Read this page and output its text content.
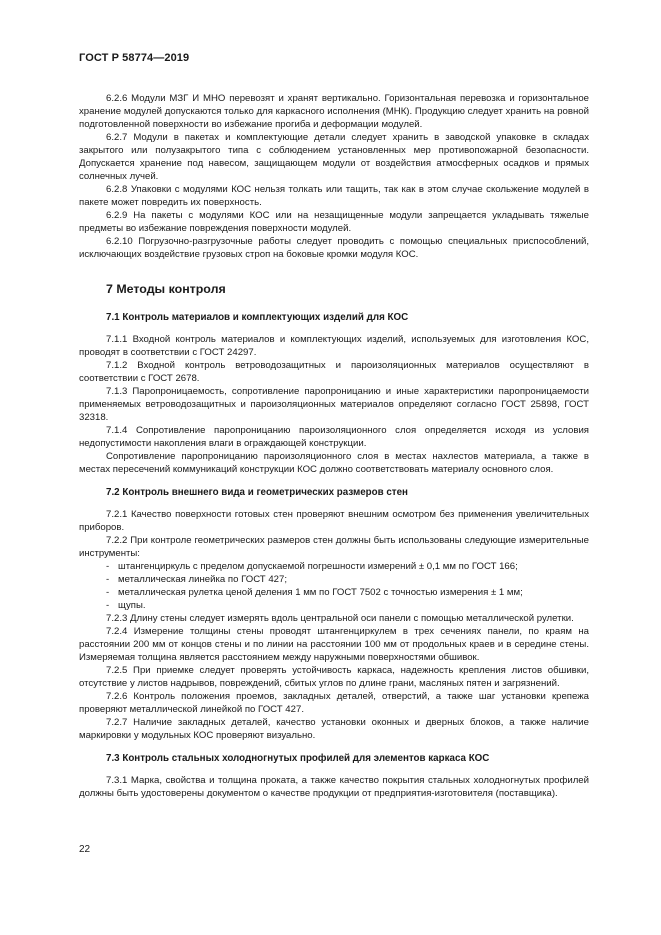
ГОСТ Р 58774—2019

6.2.6 Модули МЗГ И МНО перевозят и хранят вертикально. Горизонтальная перевозка и горизонтальное хранение модулей допускаются только для каркасного исполнения (МНК). Продукцию следует хранить на ровной подготовленной поверхности во избежание прогиба и деформации модулей.

6.2.7 Модули в пакетах и комплектующие детали следует хранить в заводской упаковке в складах закрытого или полузакрытого типа с соблюдением установленных мер противопожарной безопасности. Допускается хранение под навесом, защищающем модули от воздействия атмосферных осадков и прямых солнечных лучей.

6.2.8 Упаковки с модулями КОС нельзя толкать или тащить, так как в этом случае скольжение модулей в пакете может повредить их поверхность.

6.2.9 На пакеты с модулями КОС или на незащищенные модули запрещается укладывать тяжелые предметы во избежание повреждения поверхности модулей.

6.2.10 Погрузочно-разгрузочные работы следует проводить с помощью специальных приспособлений, исключающих воздействие грузовых строп на боковые кромки модуля КОС.

7 Методы контроля
7.1 Контроль материалов и комплектующих изделий для КОС

7.1.1 Входной контроль материалов и комплектующих изделий, используемых для изготовления КОС, проводят в соответствии с ГОСТ 24297.

7.1.2 Входной контроль ветроводозащитных и пароизоляционных материалов осуществляют в соответствии с ГОСТ 2678.

7.1.3 Паропроницаемость, сопротивление паропроницанию и иные характеристики паропроницаемости применяемых ветроводозащитных и пароизоляционных материалов определяют согласно ГОСТ 25898, ГОСТ 32318.

7.1.4 Сопротивление паропроницанию пароизоляционного слоя определяется исходя из условия недопустимости накопления влаги в ограждающей конструкции.

Сопротивление паропроницанию пароизоляционного слоя в местах нахлестов материала, а также в местах пересечений коммуникаций конструкции КОС должно соответствовать материалу основного слоя.

7.2 Контроль внешнего вида и геометрических размеров стен

7.2.1 Качество поверхности готовых стен проверяют внешним осмотром без применения увеличительных приборов.

7.2.2 При контроле геометрических размеров стен должны быть использованы следующие измерительные инструменты:

- штангенциркуль с пределом допускаемой погрешности измерений ± 0,1 мм по ГОСТ 166;

- металлическая линейка по ГОСТ 427;

- металлическая рулетка ценой деления 1 мм по ГОСТ 7502 с точностью измерения ± 1 мм;

- щупы.

7.2.3 Длину стены следует измерять вдоль центральной оси панели с помощью металлической рулетки.

7.2.4 Измерение толщины стены проводят штангенциркулем в трех сечениях панели, по краям на расстоянии 200 мм от концов стены и по линии на расстоянии 100 мм от продольных краев и в середине стены. Измеряемая толщина является расстоянием между наружными поверхностями обшивок.

7.2.5 При приемке следует проверять устойчивость каркаса, надежность крепления листов обшивки, отсутствие у листов надрывов, повреждений, сбитых углов по длине грани, масляных пятен и загрязнений.

7.2.6 Контроль положения проемов, закладных деталей, отверстий, а также шаг установки крепежа проверяют металлической линейкой по ГОСТ 427.

7.2.7 Наличие закладных деталей, качество установки оконных и дверных блоков, а также наличие маркировки у модульных КОС проверяют визуально.

7.3 Контроль стальных холодногнутых профилей для элементов каркаса КОС

7.3.1 Марка, свойства и толщина проката, а также качество покрытия стальных холодногнутых профилей должны быть удостоверены документом о качестве продукции от предприятия-изготовителя (поставщика).

22
